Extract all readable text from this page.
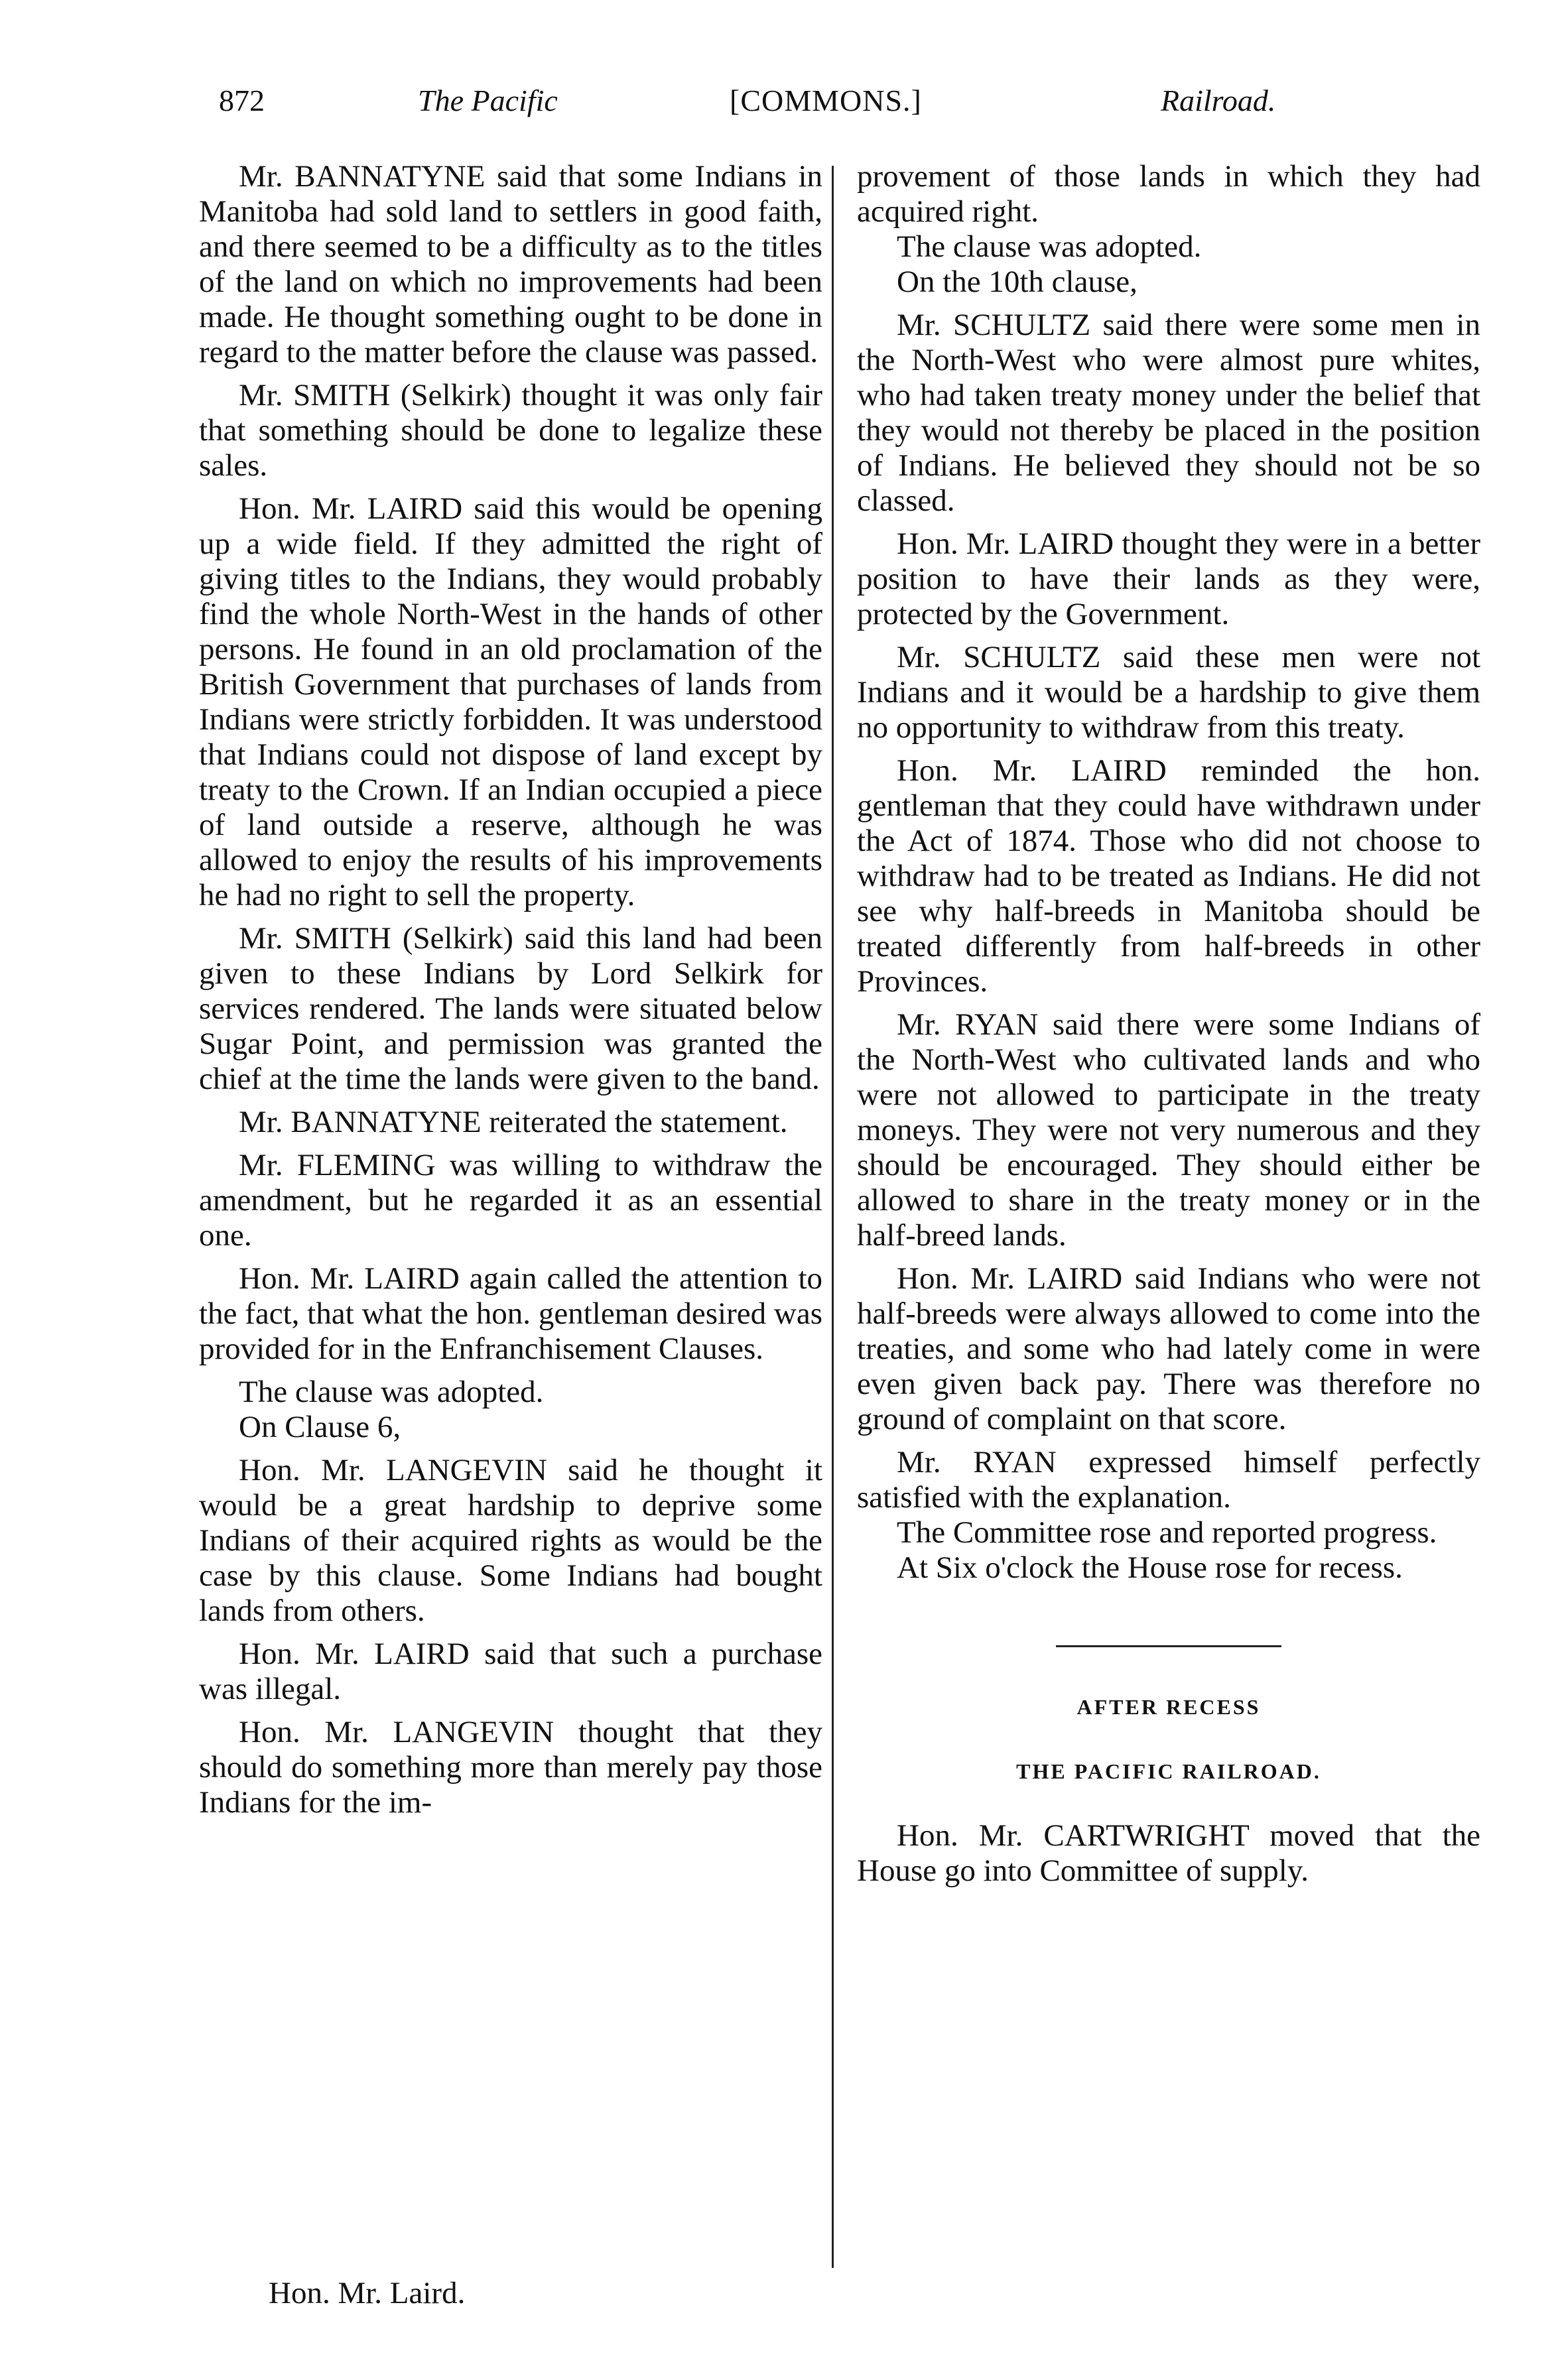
872	The Pacific	[COMMONS.]	Railroad.

Mr. BANNATYNE said that some Indians in Manitoba had sold land to settlers in good faith, and there seemed to be a difficulty as to the titles of the land on which no improvements had been made. He thought something ought to be done in regard to the matter before the clause was passed.

Mr. SMITH (Selkirk) thought it was only fair that something should be done to legalize these sales.

Hon. Mr. LAIRD said this would be opening up a wide field. If they admitted the right of giving titles to the Indians, they would probably find the whole North-West in the hands of other persons. He found in an old proclamation of the British Government that purchases of lands from Indians were strictly forbidden. It was understood that Indians could not dispose of land except by treaty to the Crown. If an Indian occupied a piece of land outside a reserve, although he was allowed to enjoy the results of his improvements he had no right to sell the property.

Mr. SMITH (Selkirk) said this land had been given to these Indians by Lord Selkirk for services rendered. The lands were situated below Sugar Point, and permission was granted the chief at the time the lands were given to the band.

Mr. BANNATYNE reiterated the statement.

Mr. FLEMING was willing to withdraw the amendment, but he regarded it as an essential one.

Hon. Mr. LAIRD again called the attention to the fact, that what the hon. gentleman desired was provided for in the Enfranchisement Clauses.

The clause was adopted.

On Clause 6,

Hon. Mr. LANGEVIN said he thought it would be a great hardship to deprive some Indians of their acquired rights as would be the case by this clause. Some Indians had bought lands from others.

Hon. Mr. LAIRD said that such a purchase was illegal.

Hon. Mr. LANGEVIN thought that they should do something more than merely pay those Indians for the im-

provement of those lands in which they had acquired right.

The clause was adopted.

On the 10th clause,

Mr. SCHULTZ said there were some men in the North-West who were almost pure whites, who had taken treaty money under the belief that they would not thereby be placed in the position of Indians. He believed they should not be so classed.

Hon. Mr. LAIRD thought they were in a better position to have their lands as they were, protected by the Government.

Mr. SCHULTZ said these men were not Indians and it would be a hardship to give them no opportunity to withdraw from this treaty.

Hon. Mr. LAIRD reminded the hon. gentleman that they could have withdrawn under the Act of 1874. Those who did not choose to withdraw had to be treated as Indians. He did not see why half-breeds in Manitoba should be treated differently from half-breeds in other Provinces.

Mr. RYAN said there were some Indians of the North-West who cultivated lands and who were not allowed to participate in the treaty moneys. They were not very numerous and they should be encouraged. They should either be allowed to share in the treaty money or in the half-breed lands.

Hon. Mr. LAIRD said Indians who were not half-breeds were always allowed to come into the treaties, and some who had lately come in were even given back pay. There was therefore no ground of complaint on that score.

Mr. RYAN expressed himself perfectly satisfied with the explanation.

The Committee rose and reported progress.

At Six o'clock the House rose for recess.

AFTER RECESS

THE PACIFIC RAILROAD.

Hon. Mr. CARTWRIGHT moved that the House go into Committee of supply.

Hon. Mr. Laird.
